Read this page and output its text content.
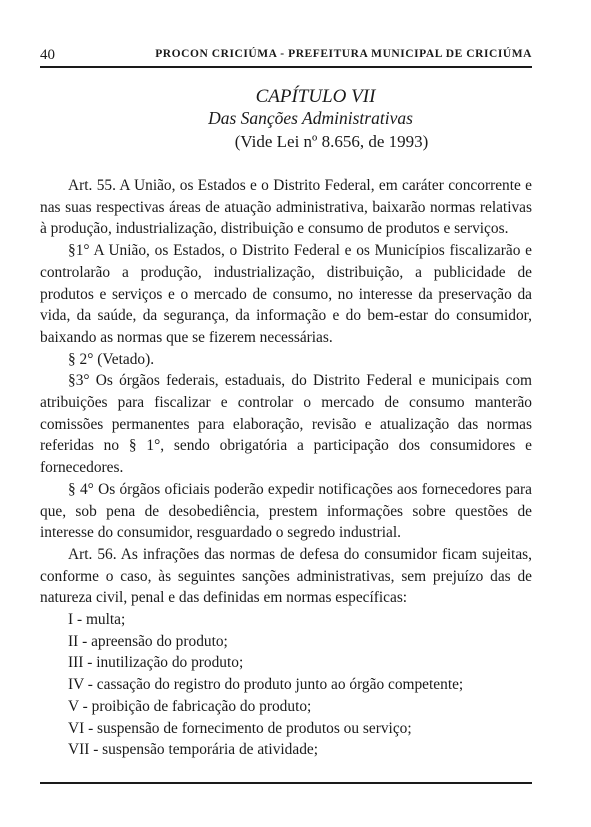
40	PROCON CRICIÚMA - PREFEITURA MUNICIPAL DE CRICIÚMA
CAPÍTULO VII
Das Sanções Administrativas
(Vide Lei nº 8.656, de 1993)

Art. 55. A União, os Estados e o Distrito Federal, em caráter concorrente e nas suas respectivas áreas de atuação administrativa, baixarão normas relativas à produção, industrialização, distribuição e consumo de produtos e serviços.

§1° A União, os Estados, o Distrito Federal e os Municípios fiscalizarão e controlarão a produção, industrialização, distribuição, a publicidade de produtos e serviços e o mercado de consumo, no interesse da preservação da vida, da saúde, da segurança, da informação e do bem-estar do consumidor, baixando as normas que se fizerem necessárias.

§ 2° (Vetado).

§3° Os órgãos federais, estaduais, do Distrito Federal e municipais com atribuições para fiscalizar e controlar o mercado de consumo manterão comissões permanentes para elaboração, revisão e atualização das normas referidas no § 1°, sendo obrigatória a participação dos consumidores e fornecedores.

§ 4° Os órgãos oficiais poderão expedir notificações aos fornecedores para que, sob pena de desobediência, prestem informações sobre questões de interesse do consumidor, resguardado o segredo industrial.

Art. 56. As infrações das normas de defesa do consumidor ficam sujeitas, conforme o caso, às seguintes sanções administrativas, sem prejuízo das de natureza civil, penal e das definidas em normas específicas:

I - multa;

II - apreensão do produto;

III - inutilização do produto;

IV - cassação do registro do produto junto ao órgão competente;

V - proibição de fabricação do produto;

VI - suspensão de fornecimento de produtos ou serviço;

VII - suspensão temporária de atividade;
